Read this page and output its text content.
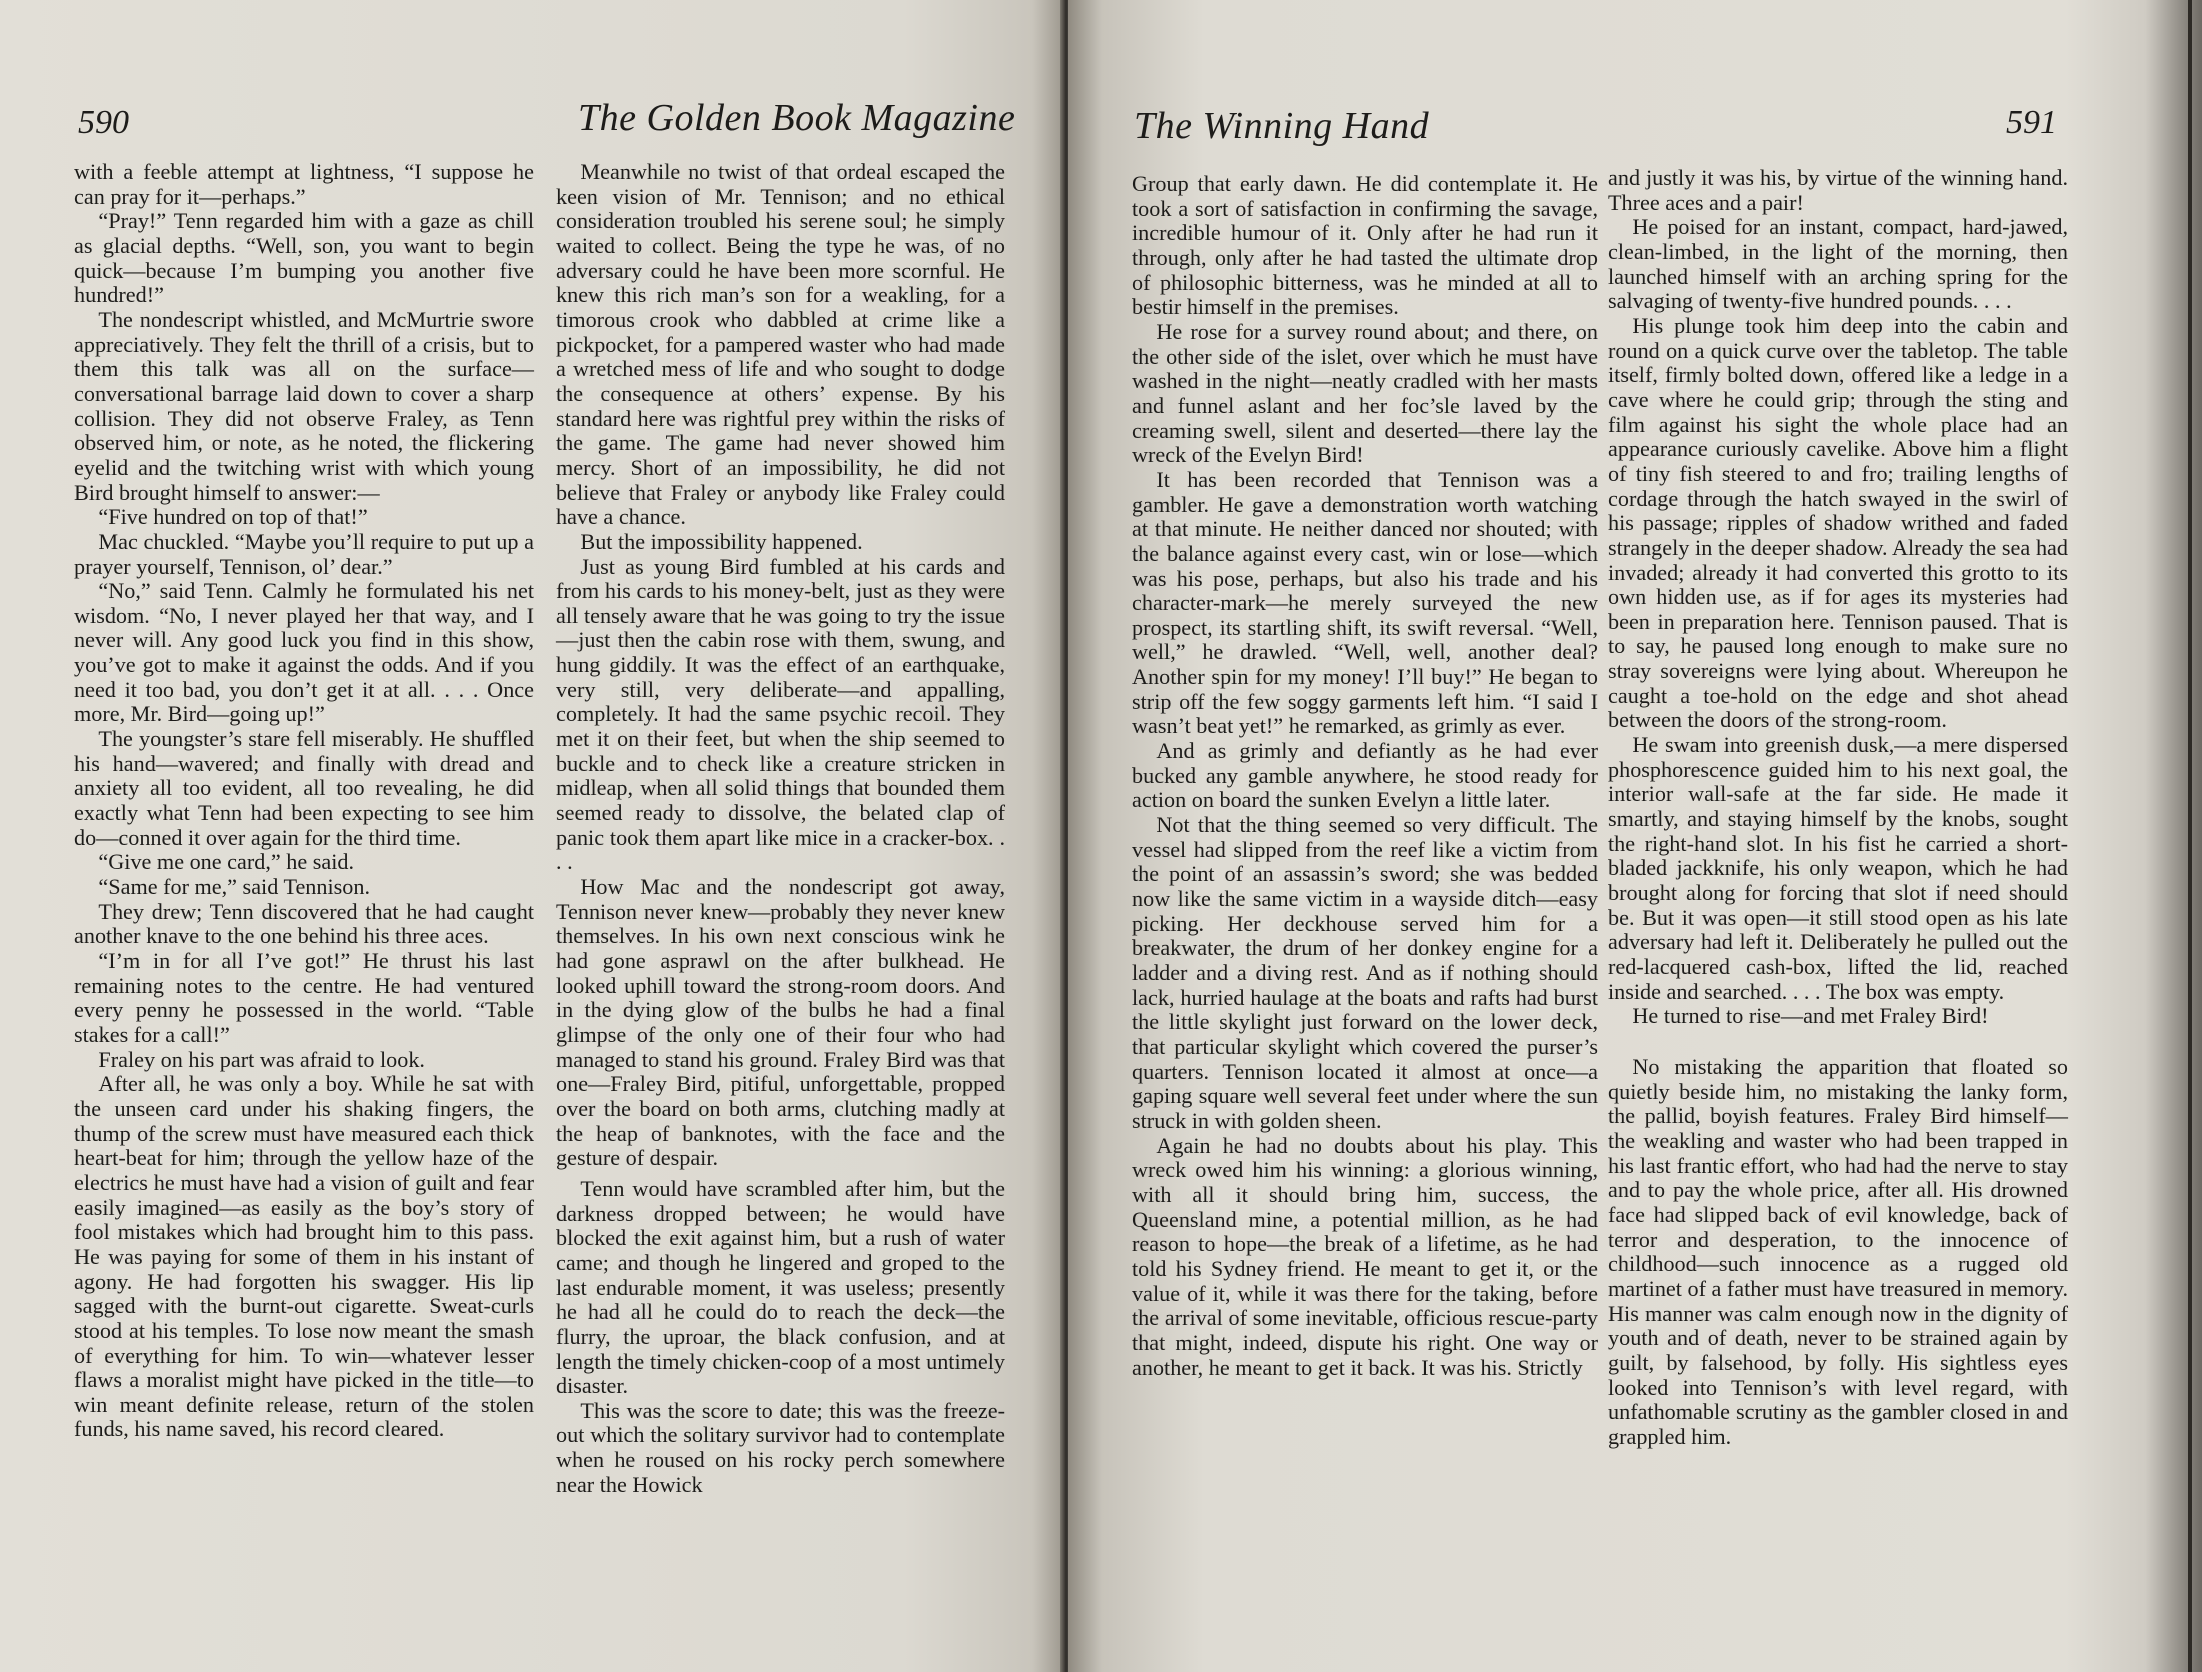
590	The Golden Book Magazine

with a feeble attempt at lightness, “I suppose he can pray for it—perhaps.”

“Pray!” Tenn regarded him with a gaze as chill as glacial depths. “Well, son, you want to begin quick—because I’m bumping you another five hundred!”

The nondescript whistled, and McMurtrie swore appreciatively. They felt the thrill of a crisis, but to them this talk was all on the surface—conversational barrage laid down to cover a sharp collision. They did not observe Fraley, as Tenn observed him, or note, as he noted, the flickering eyelid and the twitching wrist with which young Bird brought himself to answer:—

“Five hundred on top of that!”

Mac chuckled. “Maybe you’ll require to put up a prayer yourself, Tennison, ol’ dear.”

“No,” said Tenn. Calmly he formulated his net wisdom. “No, I never played her that way, and I never will. Any good luck you find in this show, you’ve got to make it against the odds. And if you need it too bad, you don’t get it at all. . . . Once more, Mr. Bird—going up!”

The youngster’s stare fell miserably. He shuffled his hand—wavered; and finally with dread and anxiety all too evident, all too revealing, he did exactly what Tenn had been expecting to see him do—conned it over again for the third time.

“Give me one card,” he said.

“Same for me,” said Tennison.

They drew; Tenn discovered that he had caught another knave to the one behind his three aces.

“I’m in for all I’ve got!” He thrust his last remaining notes to the centre. He had ventured every penny he possessed in the world. “Table stakes for a call!”

Fraley on his part was afraid to look.

After all, he was only a boy. While he sat with the unseen card under his shaking fingers, the thump of the screw must have measured each thick heart-beat for him; through the yellow haze of the electrics he must have had a vision of guilt and fear easily imagined—as easily as the boy’s story of fool mistakes which had brought him to this pass. He was paying for some of them in his instant of agony. He had forgotten his swagger. His lip sagged with the burnt-out cigarette. Sweat-curls stood at his temples. To lose now meant the smash of everything for him. To win—whatever lesser flaws a moralist might have picked in the title—to win meant definite release, return of the stolen funds, his name saved, his record cleared.

Meanwhile no twist of that ordeal escaped the keen vision of Mr. Tennison; and no ethical consideration troubled his serene soul; he simply waited to collect. Being the type he was, of no adversary could he have been more scornful. He knew this rich man’s son for a weakling, for a timorous crook who dabbled at crime like a pickpocket, for a pampered waster who had made a wretched mess of life and who sought to dodge the consequence at others’ expense. By his standard here was rightful prey within the risks of the game. The game had never showed him mercy. Short of an impossibility, he did not believe that Fraley or anybody like Fraley could have a chance.

But the impossibility happened.

Just as young Bird fumbled at his cards and from his cards to his money-belt, just as they were all tensely aware that he was going to try the issue—just then the cabin rose with them, swung, and hung giddily. It was the effect of an earthquake, very still, very deliberate—and appalling, completely. It had the same psychic recoil. They met it on their feet, but when the ship seemed to buckle and to check like a creature stricken in midleap, when all solid things that bounded them seemed ready to dissolve, the belated clap of panic took them apart like mice in a cracker-box. . . .

How Mac and the nondescript got away, Tennison never knew—probably they never knew themselves. In his own next conscious wink he had gone asprawl on the after bulkhead. He looked uphill toward the strong-room doors. And in the dying glow of the bulbs he had a final glimpse of the only one of their four who had managed to stand his ground. Fraley Bird was that one—Fraley Bird, pitiful, unforgettable, propped over the board on both arms, clutching madly at the heap of banknotes, with the face and the gesture of despair.

Tenn would have scrambled after him, but the darkness dropped between; he would have blocked the exit against him, but a rush of water came; and though he lingered and groped to the last endurable moment, it was useless; presently he had all he could do to reach the deck—the flurry, the uproar, the black confusion, and at length the timely chicken-coop of a most untimely disaster.

This was the score to date; this was the freeze-out which the solitary survivor had to contemplate when he roused on his rocky perch somewhere near the Howick

The Winning Hand	591

Group that early dawn. He did contemplate it. He took a sort of satisfaction in confirming the savage, incredible humour of it. Only after he had run it through, only after he had tasted the ultimate drop of philosophic bitterness, was he minded at all to bestir himself in the premises.

He rose for a survey round about; and there, on the other side of the islet, over which he must have washed in the night—neatly cradled with her masts and funnel aslant and her foc’sle laved by the creaming swell, silent and deserted—there lay the wreck of the Evelyn Bird!

It has been recorded that Tennison was a gambler. He gave a demonstration worth watching at that minute. He neither danced nor shouted; with the balance against every cast, win or lose—which was his pose, perhaps, but also his trade and his character-mark—he merely surveyed the new prospect, its startling shift, its swift reversal. “Well, well,” he drawled. “Well, well, another deal? Another spin for my money! I’ll buy!” He began to strip off the few soggy garments left him. “I said I wasn’t beat yet!” he remarked, as grimly as ever.

And as grimly and defiantly as he had ever bucked any gamble anywhere, he stood ready for action on board the sunken Evelyn a little later.

Not that the thing seemed so very difficult. The vessel had slipped from the reef like a victim from the point of an assassin’s sword; she was bedded now like the same victim in a wayside ditch—easy picking. Her deckhouse served him for a breakwater, the drum of her donkey engine for a ladder and a diving rest. And as if nothing should lack, hurried haulage at the boats and rafts had burst the little skylight just forward on the lower deck, that particular skylight which covered the purser’s quarters. Tennison located it almost at once—a gaping square well several feet under where the sun struck in with golden sheen.

Again he had no doubts about his play. This wreck owed him his winning: a glorious winning, with all it should bring him, success, the Queensland mine, a potential million, as he had reason to hope—the break of a lifetime, as he had told his Sydney friend. He meant to get it, or the value of it, while it was there for the taking, before the arrival of some inevitable, officious rescue-party that might, indeed, dispute his right. One way or another, he meant to get it back. It was his. Strictly

and justly it was his, by virtue of the winning hand. Three aces and a pair!

He poised for an instant, compact, hard-jawed, clean-limbed, in the light of the morning, then launched himself with an arching spring for the salvaging of twenty-five hundred pounds. . . .

His plunge took him deep into the cabin and round on a quick curve over the tabletop. The table itself, firmly bolted down, offered like a ledge in a cave where he could grip; through the sting and film against his sight the whole place had an appearance curiously cavelike. Above him a flight of tiny fish steered to and fro; trailing lengths of cordage through the hatch swayed in the swirl of his passage; ripples of shadow writhed and faded strangely in the deeper shadow. Already the sea had invaded; already it had converted this grotto to its own hidden use, as if for ages its mysteries had been in preparation here. Tennison paused. That is to say, he paused long enough to make sure no stray sovereigns were lying about. Whereupon he caught a toe-hold on the edge and shot ahead between the doors of the strong-room.

He swam into greenish dusk,—a mere dispersed phosphorescence guided him to his next goal, the interior wall-safe at the far side. He made it smartly, and staying himself by the knobs, sought the right-hand slot. In his fist he carried a short-bladed jackknife, his only weapon, which he had brought along for forcing that slot if need should be. But it was open—it still stood open as his late adversary had left it. Deliberately he pulled out the red-lacquered cash-box, lifted the lid, reached inside and searched. . . . The box was empty.

He turned to rise—and met Fraley Bird!

No mistaking the apparition that floated so quietly beside him, no mistaking the lanky form, the pallid, boyish features. Fraley Bird himself—the weakling and waster who had been trapped in his last frantic effort, who had had the nerve to stay and to pay the whole price, after all. His drowned face had slipped back of evil knowledge, back of terror and desperation, to the innocence of childhood—such innocence as a rugged old martinet of a father must have treasured in memory. His manner was calm enough now in the dignity of youth and of death, never to be strained again by guilt, by falsehood, by folly. His sightless eyes looked into Tennison’s with level regard, with unfathomable scrutiny as the gambler closed in and grappled him.
